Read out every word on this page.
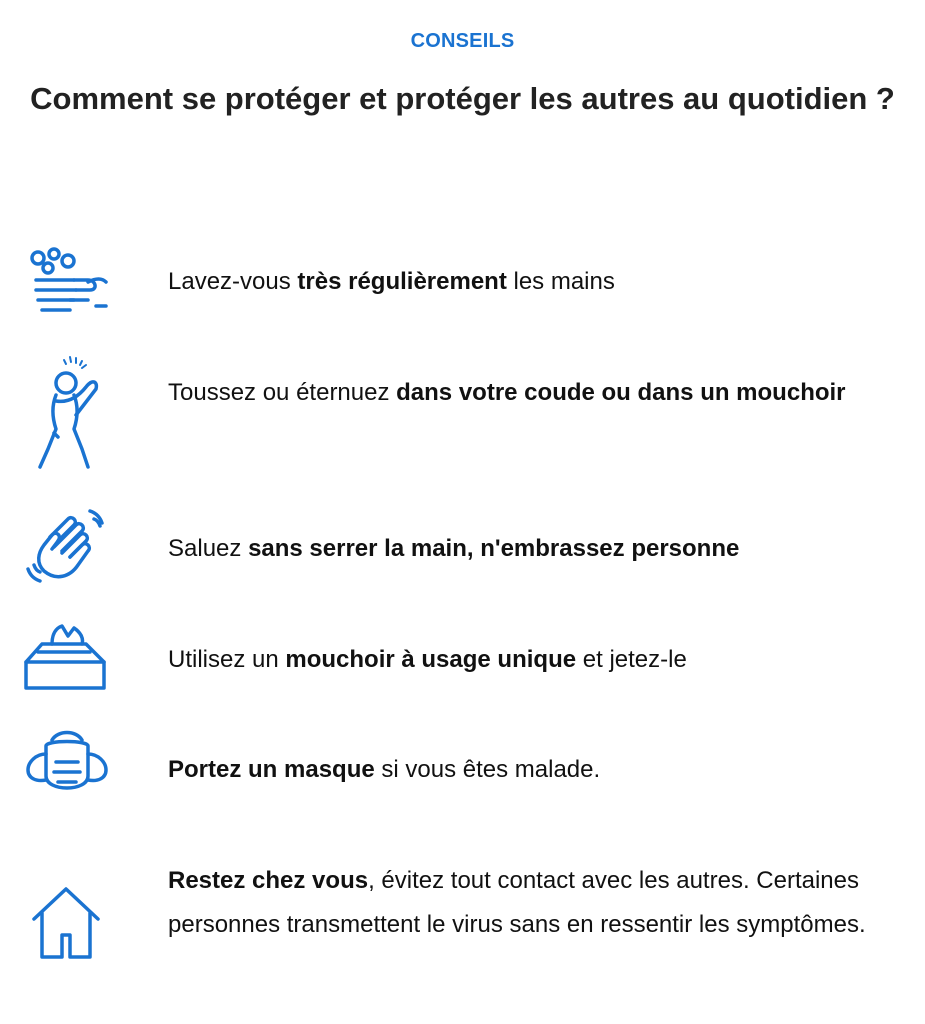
CONSEILS
Comment se protéger et protéger les autres au quotidien ?
Lavez-vous très régulièrement les mains
Toussez ou éternuez dans votre coude ou dans un mouchoir
Saluez sans serrer la main, n'embrassez personne
Utilisez un mouchoir à usage unique et jetez-le
Portez un masque si vous êtes malade.
Restez chez vous, évitez tout contact avec les autres. Certaines personnes transmettent le virus sans en ressentir les symptômes.
